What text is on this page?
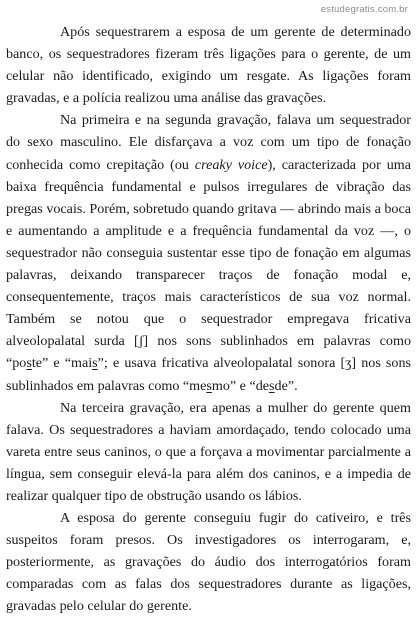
estudegratis.com.br

Após sequestrarem a esposa de um gerente de determinado banco, os sequestradores fizeram três ligações para o gerente, de um celular não identificado, exigindo um resgate. As ligações foram gravadas, e a polícia realizou uma análise das gravações.

Na primeira e na segunda gravação, falava um sequestrador do sexo masculino. Ele disfarçava a voz com um tipo de fonação conhecida como crepitação (ou creaky voice), caracterizada por uma baixa frequência fundamental e pulsos irregulares de vibração das pregas vocais. Porém, sobretudo quando gritava — abrindo mais a boca e aumentando a amplitude e a frequência fundamental da voz —, o sequestrador não conseguia sustentar esse tipo de fonação em algumas palavras, deixando transparecer traços de fonação modal e, consequentemente, traços mais característicos de sua voz normal. Também se notou que o sequestrador empregava fricativa alveolopalatal surda [ʃ] nos sons sublinhados em palavras como “poste” e “mais”; e usava fricativa alveolopalatal sonora [ʒ] nos sons sublinhados em palavras como “mesmo” e “desde”.

Na terceira gravação, era apenas a mulher do gerente quem falava. Os sequestradores a haviam amordaçado, tendo colocado uma vareta entre seus caninos, o que a forçava a movimentar parcialmente a língua, sem conseguir elevá-la para além dos caninos, e a impedia de realizar qualquer tipo de obstrução usando os lábios.

A esposa do gerente conseguiu fugir do cativeiro, e três suspeitos foram presos. Os investigadores os interrogaram, e, posteriormente, as gravações do áudio dos interrogatórios foram comparadas com as falas dos sequestradores durante as ligações, gravadas pelo celular do gerente.
